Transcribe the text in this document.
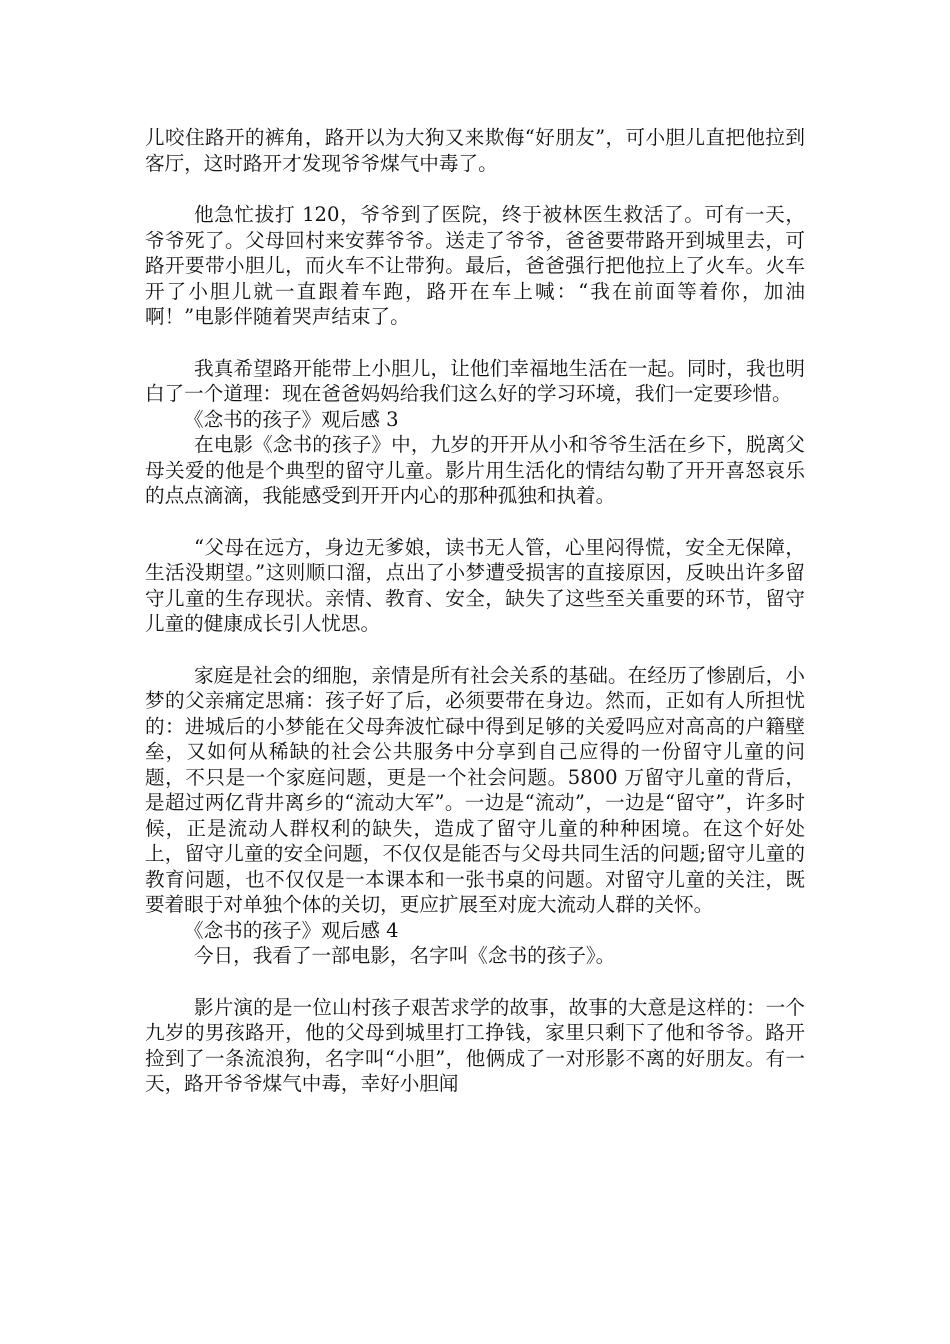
儿咬住路开的裤角，路开以为大狗又来欺侮“好朋友”，可小胆儿直把他拉到客厅，这时路开才发现爷爷煤气中毒了。

他急忙拔打 120，爷爷到了医院，终于被林医生救活了。可有一天，爷爷死了。父母回村来安葬爷爷。送走了爷爷，爸爸要带路开到城里去，可路开要带小胆儿，而火车不让带狗。最后，爸爸强行把他拉上了火车。火车开了小胆儿就一直跟着车跑，路开在车上喊：“我在前面等着你，加油啊！”电影伴随着哭声结束了。

我真希望路开能带上小胆儿，让他们幸福地生活在一起。同时，我也明白了一个道理：现在爸爸妈妈给我们这么好的学习环境，我们一定要珍惜。

《念书的孩子》观后感 3

在电影《念书的孩子》中，九岁的开开从小和爷爷生活在乡下，脱离父母关爱的他是个典型的留守儿童。影片用生活化的情结勾勒了开开喜怒哀乐的点点滴滴，我能感受到开开内心的那种孤独和执着。

“父母在远方，身边无爹娘，读书无人管，心里闷得慌，安全无保障，生活没期望。”这则顺口溜，点出了小梦遭受损害的直接原因，反映出许多留守儿童的生存现状。亲情、教育、安全，缺失了这些至关重要的环节，留守儿童的健康成长引人忧思。

家庭是社会的细胞，亲情是所有社会关系的基础。在经历了惨剧后，小梦的父亲痛定思痛：孩子好了后，必须要带在身边。然而，正如有人所担忧的：进城后的小梦能在父母奔波忙碌中得到足够的关爱吗应对高高的户籍壁垒，又如何从稀缺的社会公共服务中分享到自己应得的一份留守儿童的问题，不只是一个家庭问题，更是一个社会问题。5800 万留守儿童的背后，是超过两亿背井离乡的“流动大军”。一边是“流动”，一边是“留守”，许多时候，正是流动人群权利的缺失，造成了留守儿童的种种困境。在这个好处上，留守儿童的安全问题，不仅仅是能否与父母共同生活的问题;留守儿童的教育问题，也不仅仅是一本课本和一张书桌的问题。对留守儿童的关注，既要着眼于对单独个体的关切，更应扩展至对庞大流动人群的关怀。

《念书的孩子》观后感 4

今日，我看了一部电影，名字叫《念书的孩子》。

影片演的是一位山村孩子艰苦求学的故事，故事的大意是这样的：一个九岁的男孩路开，他的父母到城里打工挣钱，家里只剩下了他和爷爷。路开捡到了一条流浪狗，名字叫“小胆”，他俩成了一对形影不离的好朋友。有一天，路开爷爷煤气中毒，幸好小胆闻
